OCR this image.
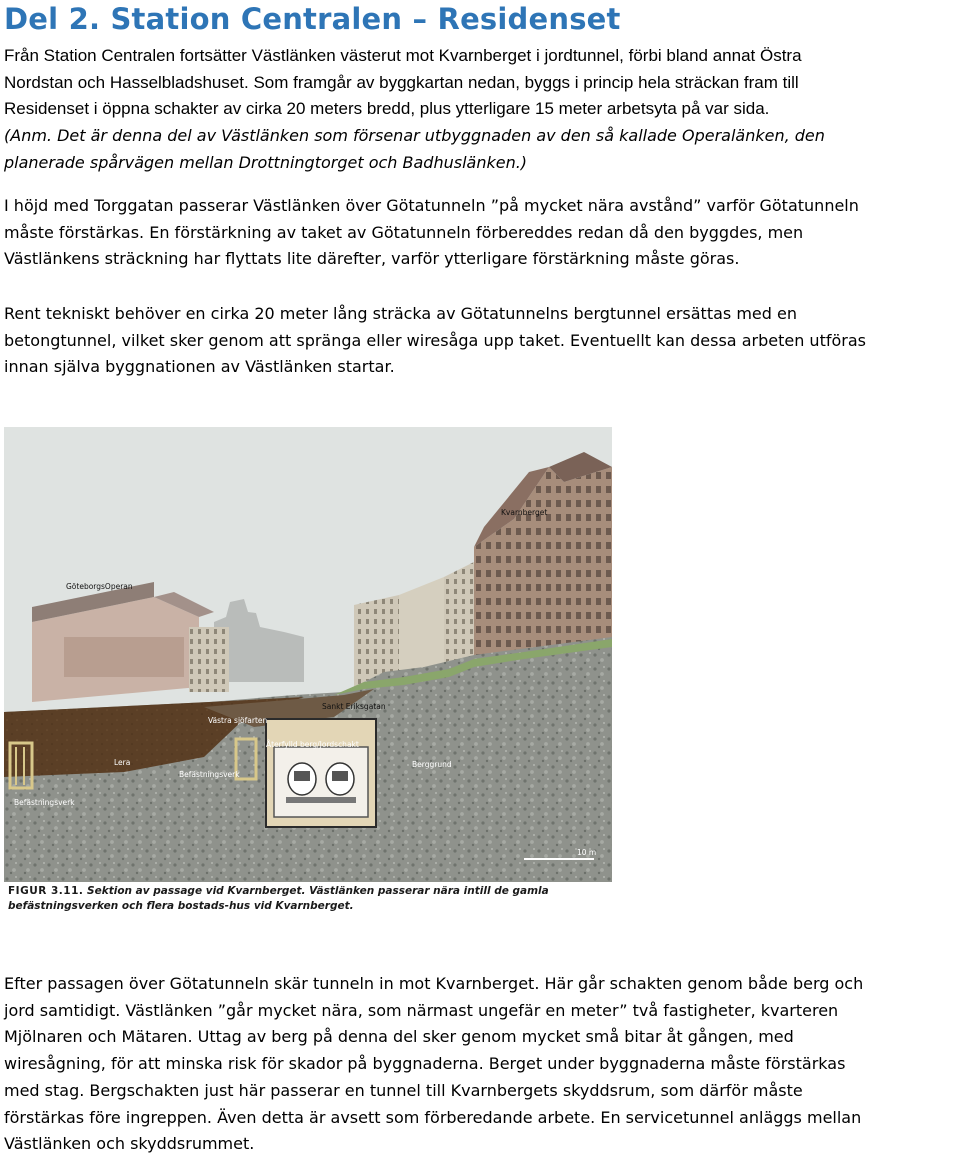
Del 2. Station Centralen – Residenset
Från Station Centralen fortsätter Västlänken västerut mot Kvarnberget i jordtunnel, förbi bland annat Östra
Nordstan och Hasselbladshuset. Som framgår av byggkartan nedan, byggs i princip hela sträckan fram till
Residenset i öppna schakter av cirka 20 meters bredd, plus ytterligare 15 meter arbetsyta på var sida.
(Anm. Det är denna del av Västlänken som försenar utbyggnaden av den så kallade Operalänken, den
planerade spårvägen mellan Drottningtorget och Badhuslänken.)
I höjd med Torggatan passerar Västlänken över Götatunneln ”på mycket nära avstånd” varför Götatunneln
måste förstärkas. En förstärkning av taket av Götatunneln förbereddes redan då den byggdes, men
Västlänkens sträckning har flyttats lite därefter, varför ytterligare förstärkning måste göras.
Rent tekniskt behöver en cirka 20 meter lång sträcka av Götatunnelns bergtunnel ersättas med en
betongtunnel, vilket sker genom att spränga eller wiresåga upp taket. Eventuellt kan dessa arbeten utföras
innan själva byggnationen av Västlänken startar.
Kvarnberget
GöteborgsOperan
Sankt Eriksgatan
Västra sjöfarten
Återfylld berg/Jordschakt
Berggrund
Lera
Befästningsverk
Befästningsverk
10 m
FIGUR 3.11. Sektion av passage vid Kvarnberget. Västlänken passerar nära intill de gamla befästningsverken och flera bostads-hus vid Kvarnberget.
Efter passagen över Götatunneln skär tunneln in mot Kvarnberget. Här går schakten genom både berg och
jord samtidigt. Västlänken ”går mycket nära, som närmast ungefär en meter” två fastigheter, kvarteren
Mjölnaren och Mätaren. Uttag av berg på denna del sker genom mycket små bitar åt gången, med
wiresågning, för att minska risk för skador på byggnaderna. Berget under byggnaderna måste förstärkas
med stag. Bergschakten just här passerar en tunnel till Kvarnbergets skyddsrum, som därför måste
förstärkas före ingreppen. Även detta är avsett som förberedande arbete. En servicetunnel anläggs mellan
Västlänken och skyddsrummet.
